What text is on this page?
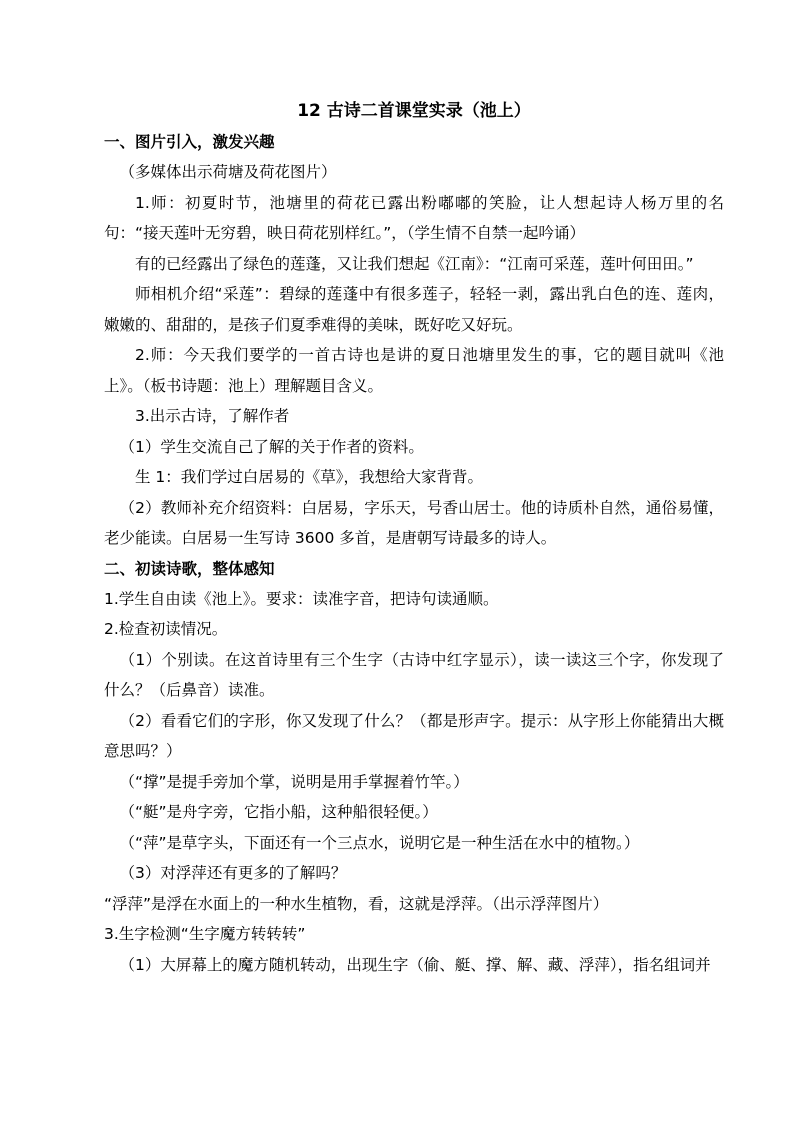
12 古诗二首课堂实录（池上）
一、图片引入，激发兴趣
（多媒体出示荷塘及荷花图片）
1.师：初夏时节，池塘里的荷花已露出粉嘟嘟的笑脸，让人想起诗人杨万里的名句：“接天莲叶无穷碧，映日荷花别样红。”，（学生情不自禁一起吟诵）
有的已经露出了绿色的莲蓬，又让我们想起《江南》：“江南可采莲，莲叶何田田。”
师相机介绍“采莲”：碧绿的莲蓬中有很多莲子，轻轻一剥，露出乳白色的连、莲肉，嫩嫩的、甜甜的，是孩子们夏季难得的美味，既好吃又好玩。
2.师：今天我们要学的一首古诗也是讲的夏日池塘里发生的事，它的题目就叫《池上》。（板书诗题：池上）理解题目含义。
3.出示古诗，了解作者
（1）学生交流自己了解的关于作者的资料。
生 1：我们学过白居易的《草》，我想给大家背背。
（2）教师补充介绍资料：白居易，字乐天，号香山居士。他的诗质朴自然，通俗易懂，老少能读。白居易一生写诗 3600 多首，是唐朝写诗最多的诗人。
二、初读诗歌，整体感知
1.学生自由读《池上》。要求：读准字音，把诗句读通顺。
2.检查初读情况。
（1）个别读。在这首诗里有三个生字（古诗中红字显示），读一读这三个字，你发现了什么？（后鼻音）读准。
（2）看看它们的字形，你又发现了什么？（都是形声字。提示：从字形上你能猜出大概意思吗？）
（“撑”是提手旁加个掌，说明是用手掌握着竹竿。）
（“艇”是舟字旁，它指小船，这种船很轻便。）
（“萍”是草字头，下面还有一个三点水，说明它是一种生活在水中的植物。）
（3）对浮萍还有更多的了解吗？
“浮萍”是浮在水面上的一种水生植物，看，这就是浮萍。（出示浮萍图片）
3.生字检测“生字魔方转转转”
（1）大屏幕上的魔方随机转动，出现生字（偷、艇、撑、解、藏、浮萍），指名组词并
